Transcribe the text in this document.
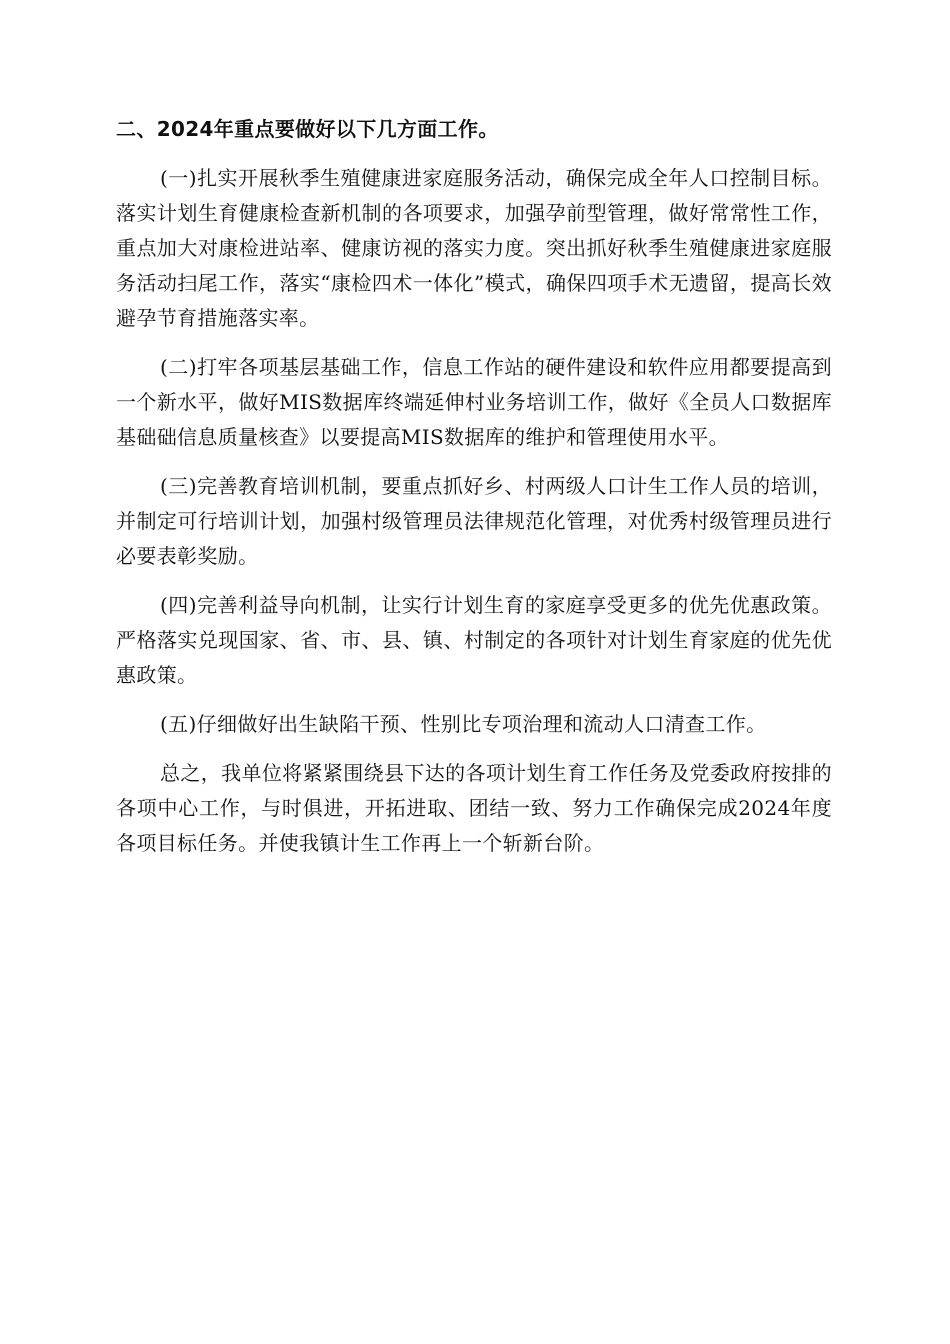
二、2024年重点要做好以下几方面工作。

(一)扎实开展秋季生殖健康进家庭服务活动，确保完成全年人口控制目标。落实计划生育健康检查新机制的各项要求，加强孕前型管理，做好常常性工作，重点加大对康检进站率、健康访视的落实力度。突出抓好秋季生殖健康进家庭服务活动扫尾工作，落实“康检四术一体化”模式，确保四项手术无遗留，提高长效避孕节育措施落实率。

(二)打牢各项基层基础工作，信息工作站的硬件建设和软件应用都要提高到一个新水平，做好MIS数据库终端延伸村业务培训工作，做好《全员人口数据库基础础信息质量核查》以要提高MIS数据库的维护和管理使用水平。

(三)完善教育培训机制，要重点抓好乡、村两级人口计生工作人员的培训，并制定可行培训计划，加强村级管理员法律规范化管理，对优秀村级管理员进行必要表彰奖励。

(四)完善利益导向机制，让实行计划生育的家庭享受更多的优先优惠政策。严格落实兑现国家、省、市、县、镇、村制定的各项针对计划生育家庭的优先优惠政策。

(五)仔细做好出生缺陷干预、性别比专项治理和流动人口清查工作。

总之，我单位将紧紧围绕县下达的各项计划生育工作任务及党委政府按排的各项中心工作，与时俱进，开拓进取、团结一致、努力工作确保完成2024年度各项目标任务。并使我镇计生工作再上一个斩新台阶。
